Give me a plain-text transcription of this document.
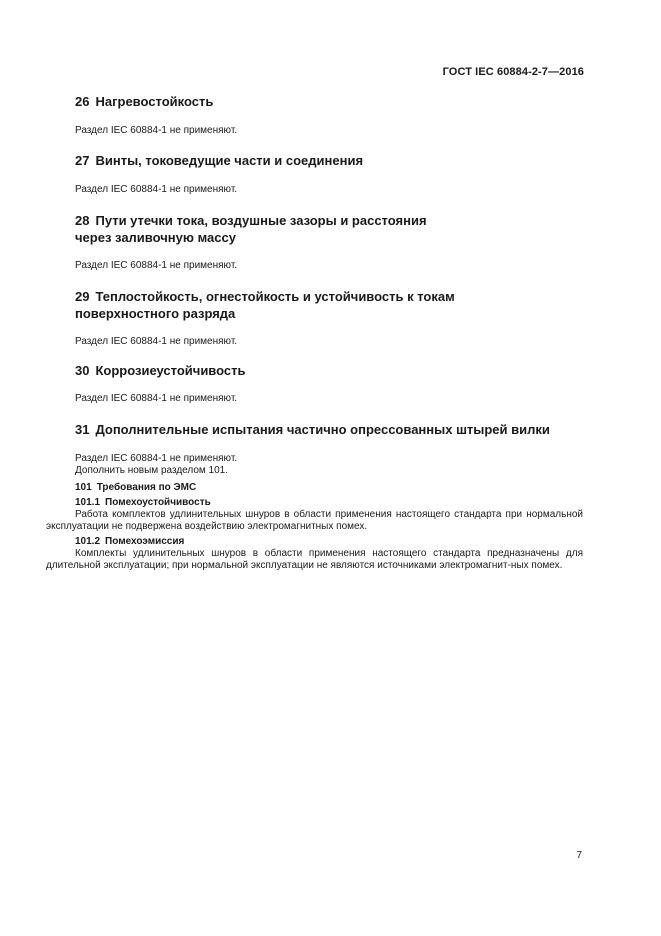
ГОСТ IEC 60884-2-7—2016
26 Нагревостойкость

Раздел IEC 60884-1 не применяют.

27 Винты, токоведущие части и соединения

Раздел IEC 60884-1 не применяют.

28 Пути утечки тока, воздушные зазоры и расстояния
через заливочную массу

Раздел IEC 60884-1 не применяют.

29 Теплостойкость, огнестойкость и устойчивость к токам
поверхностного разряда

Раздел IEC 60884-1 не применяют.

30 Коррозиеустойчивость

Раздел IEC 60884-1 не применяют.

31 Дополнительные испытания частично опрессованных штырей вилки

Раздел IEC 60884-1 не применяют.

Дополнить новым разделом 101.

101 Требования по ЭМС

101.1 Помехоустойчивость

Работа комплектов удлинительных шнуров в области применения настоящего стандарта при нормальной эксплуатации не подвержена воздействию электромагнитных помех.

101.2 Помехоэмиссия

Комплекты удлинительных шнуров в области применения настоящего стандарта предназначены для длительной эксплуатации; при нормальной эксплуатации не являются источниками электромагнит-ных помех.

7
